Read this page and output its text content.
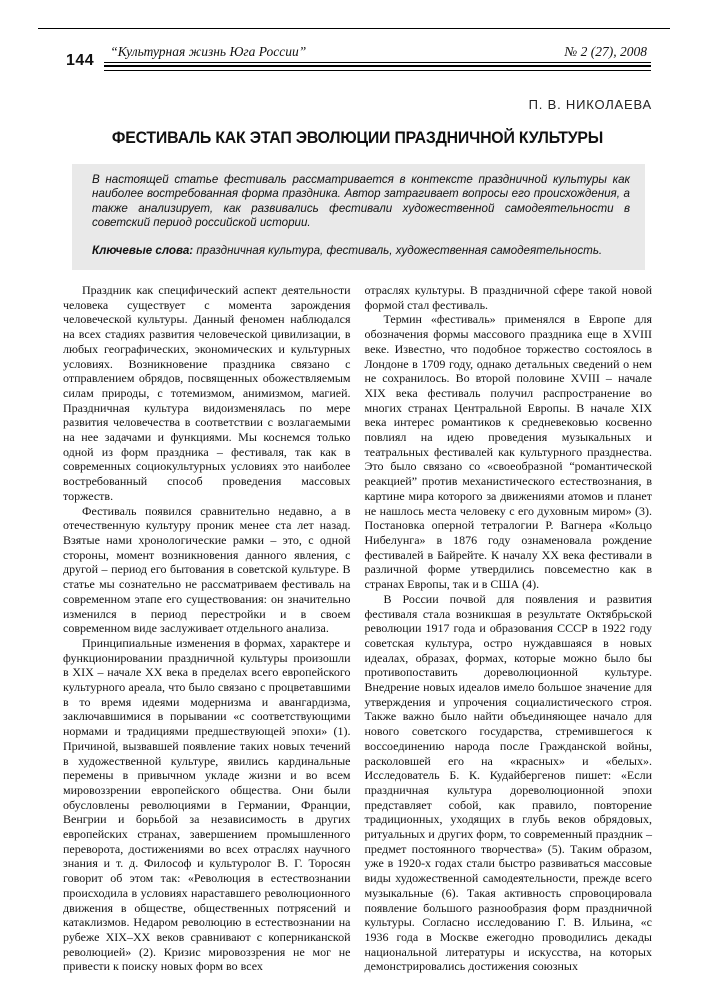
144
“Культурная жизнь Юга России”	№ 2 (27), 2008
П. В. НИКОЛАЕВА
ФЕСТИВАЛЬ КАК ЭТАП ЭВОЛЮЦИИ ПРАЗДНИЧНОЙ КУЛЬТУРЫ
В настоящей статье фестиваль рассматривается в контексте праздничной культуры как наиболее востребованная форма праздника. Автор затрагивает вопросы его происхождения, а также анализирует, как развивались фестивали художественной самодеятельности в советский период российской истории.
Ключевые слова: праздничная культура, фестиваль, художественная самодеятельность.

Праздник как специфический аспект деятельности человека существует с момента зарождения человеческой культуры. Данный феномен наблюдался на всех стадиях развития человеческой цивилизации, в любых географических, экономических и культурных условиях. Возникновение праздника связано с отправлением обрядов, посвященных обожествляемым силам природы, с тотемизмом, анимизмом, магией. Праздничная культура видоизменялась по мере развития человечества в соответствии с возлагаемыми на нее задачами и функциями. Мы коснемся только одной из форм праздника – фестиваля, так как в современных социокультурных условиях это наиболее востребованный способ проведения массовых торжеств.

Фестиваль появился сравнительно недавно, а в отечественную культуру проник менее ста лет назад. Взятые нами хронологические рамки – это, с одной стороны, момент возникновения данного явления, с другой – период его бытования в советской культуре. В статье мы сознательно не рассматриваем фестиваль на современном этапе его существования: он значительно изменился в период перестройки и в своем современном виде заслуживает отдельного анализа.

Принципиальные изменения в формах, характере и функционировании праздничной культуры произошли в XIX – начале XX века в пределах всего европейского культурного ареала, что было связано с процветавшими в то время идеями модернизма и авангардизма, заключавшимися в порывании «с соответствующими нормами и традициями предшествующей эпохи» (1). Причиной, вызвавшей появление таких новых течений в художественной культуре, явились кардинальные перемены в привычном укладе жизни и во всем мировоззрении европейского общества. Они были обусловлены революциями в Германии, Франции, Венгрии и борьбой за независимость в других европейских странах, завершением промышленного переворота, достижениями во всех отраслях научного знания и т. д. Философ и культуролог В. Г. Торосян говорит об этом так: «Революция в естествознании происходила в условиях нараставшего революционного движения в обществе, общественных потрясений и катаклизмов. Недаром революцию в естествознании на рубеже XIX–XX веков сравнивают с коперниканской революцией» (2). Кризис мировоззрения не мог не привести к поиску новых форм во всех

отраслях культуры. В праздничной сфере такой новой формой стал фестиваль.

Термин «фестиваль» применялся в Европе для обозначения формы массового праздника еще в XVIII веке. Известно, что подобное торжество состоялось в Лондоне в 1709 году, однако детальных сведений о нем не сохранилось. Во второй половине XVIII – начале XIX века фестиваль получил распространение во многих странах Центральной Европы. В начале XIX века интерес романтиков к средневековью косвенно повлиял на идею проведения музыкальных и театральных фестивалей как культурного празднества. Это было связано со «своеобразной “романтической реакцией” против механистического естествознания, в картине мира которого за движениями атомов и планет не нашлось места человеку с его духовным миром» (3). Постановка оперной тетралогии Р. Вагнера «Кольцо Нибелунга» в 1876 году ознаменовала рождение фестивалей в Байрейте. К началу XX века фестивали в различной форме утвердились повсеместно как в странах Европы, так и в США (4).

В России почвой для появления и развития фестиваля стала возникшая в результате Октябрьской революции 1917 года и образования СССР в 1922 году советская культура, остро нуждавшаяся в новых идеалах, образах, формах, которые можно было бы противопоставить дореволюционной культуре. Внедрение новых идеалов имело большое значение для утверждения и упрочения социалистического строя. Также важно было найти объединяющее начало для нового советского государства, стремившегося к воссоединению народа после Гражданской войны, расколовшей его на «красных» и «белых». Исследователь Б. К. Кудайбергенов пишет: «Если праздничная культура дореволюционной эпохи представляет собой, как правило, повторение традиционных, уходящих в глубь веков обрядовых, ритуальных и других форм, то современный праздник – предмет постоянного творчества» (5). Таким образом, уже в 1920-х годах стали быстро развиваться массовые виды художественной самодеятельности, прежде всего музыкальные (6). Такая активность спровоцировала появление большого разнообразия форм праздничной культуры. Согласно исследованию Г. В. Ильина, «с 1936 года в Москве ежегодно проводились декады национальной литературы и искусства, на которых демонстрировались достижения союзных
